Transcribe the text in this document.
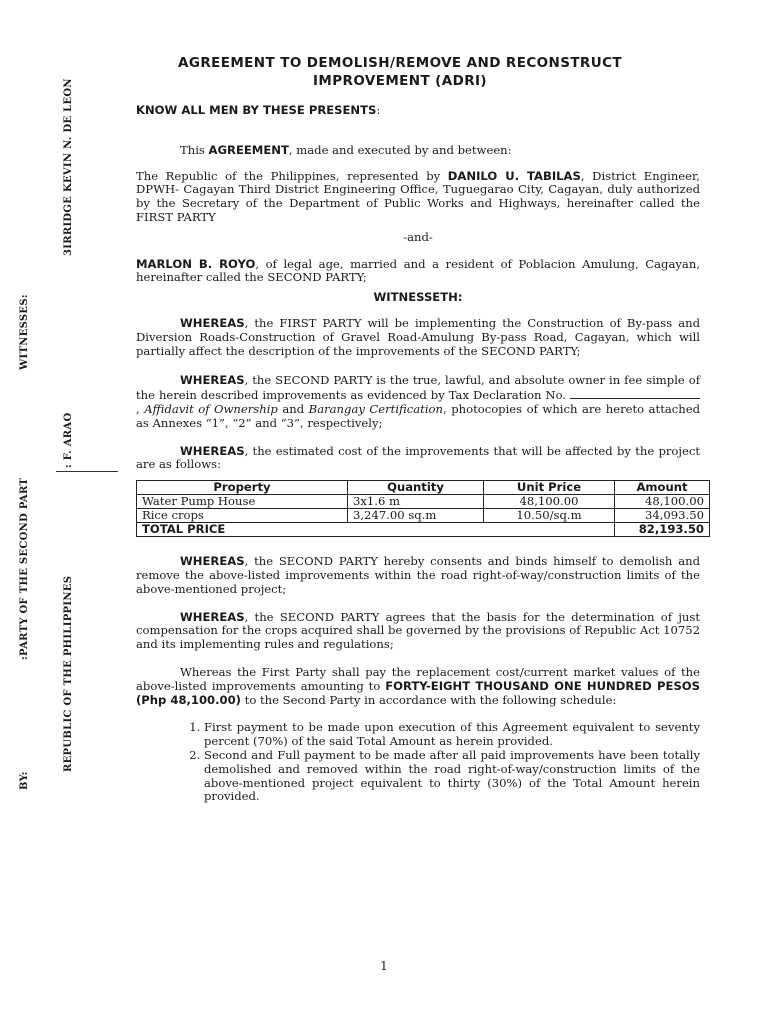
3IRRIDGE KEVIN N. DE LEON
: F. ARAO
WITNESSES:
:PARTY OF THE SECOND PART
REPUBLIC OF THE PHILIPPINES
BY:
AGREEMENT TO DEMOLISH/REMOVE AND RECONSTRUCT
IMPROVEMENT (ADRI)

KNOW ALL MEN BY THESE PRESENTS:

This AGREEMENT, made and executed by and between:

The Republic of the Philippines, represented by DANILO U. TABILAS, District Engineer, DPWH- Cagayan Third District Engineering Office, Tuguegarao City, Cagayan, duly authorized by the Secretary of the Department of Public Works and Highways, hereinafter called the FIRST PARTY

-and-

MARLON B. ROYO, of legal age, married and a resident of Poblacion Amulung, Cagayan, hereinafter called the SECOND PARTY;

WITNESSETH:

WHEREAS, the FIRST PARTY will be implementing the Construction of By-pass and Diversion Roads-Construction of Gravel Road-Amulung By-pass Road, Cagayan, which will partially affect the description of the improvements of the SECOND PARTY;

WHEREAS, the SECOND PARTY is the true, lawful, and absolute owner in fee simple of the herein described improvements as evidenced by Tax Declaration No. , Affidavit of Ownership and Barangay Certification, photocopies of which are hereto attached as Annexes “1”, “2” and “3”, respectively;

WHEREAS, the estimated cost of the improvements that will be affected by the project are as follows:

Property	Quantity	Unit Price	Amount
Water Pump House	3x1.6 m	48,100.00	48,100.00
Rice crops	3,247.00 sq.m	10.50/sq.m	34,093.50
TOTAL PRICE			82,193.50

WHEREAS, the SECOND PARTY hereby consents and binds himself to demolish and remove the above-listed improvements within the road right-of-way/construction limits of the above-mentioned project;

WHEREAS, the SECOND PARTY agrees that the basis for the determination of just compensation for the crops acquired shall be governed by the provisions of Republic Act 10752 and its implementing rules and regulations;

Whereas the First Party shall pay the replacement cost/current market values of the above-listed improvements amounting to FORTY-EIGHT THOUSAND ONE HUNDRED PESOS (Php 48,100.00) to the Second Party in accordance with the following schedule:

1. First payment to be made upon execution of this Agreement equivalent to seventy percent (70%) of the said Total Amount as herein provided.
2. Second and Full payment to be made after all paid improvements have been totally demolished and removed within the road right-of-way/construction limits of the above-mentioned project equivalent to thirty (30%) of the Total Amount herein provided.
1
